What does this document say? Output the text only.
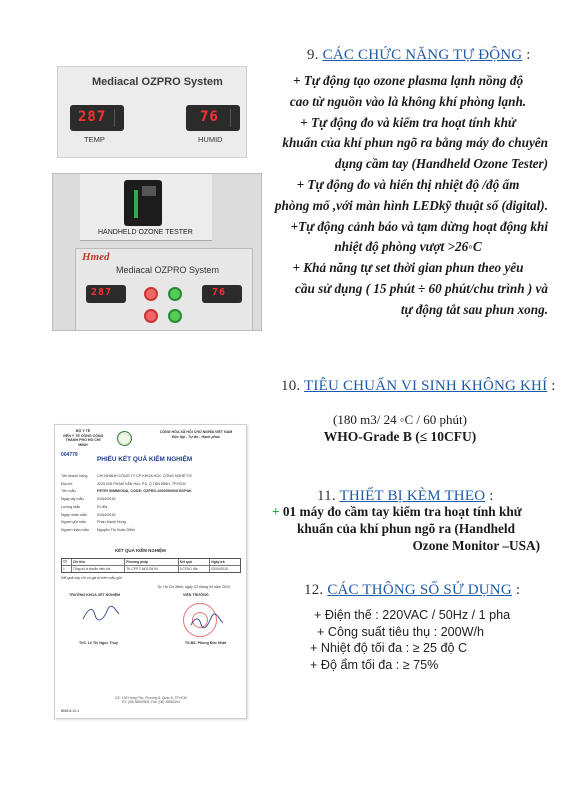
9. CÁC CHỨC NĂNG TỰ ĐỘNG :

+ Tự động tạo ozone plasma lạnh nồng độ

cao từ nguồn vào là không khí phòng lạnh.

+ Tự động đo và kiểm tra hoạt tính khử

khuẩn của khí phun ngõ ra bằng máy đo chuyên

dụng cầm tay (Handheld Ozone Tester)

+ Tự động đo và hiển thị nhiệt độ /độ ẩm

phòng mổ ,với màn hình LEDkỹ thuật số (digital).

+Tự động cảnh báo và tạm dừng hoạt động khi

nhiệt độ phòng vượt >26◦C

+ Khả năng tự set thời gian phun theo yêu

cầu sử dụng ( 15 phút ÷ 60 phút/chu trình ) và

tự động tắt sau phun xong.

Mediacal OZPRO System
287
TEMP
76
HUMID
HANDHELD OZONE TESTER
Hmed
Mediacal OZPRO System
287	76
10. TIÊU CHUẨN VI SINH KHÔNG KHÍ :
(180 m3/ 24 ◦C / 60 phút)
WHO-Grade B (≤ 10CFU)
BỘ Y TẾ
VIỆN Y TẾ CÔNG CỘNG
THÀNH PHỐ HỒ CHÍ MINH
CỘNG HÒA XÃ HỘI CHỦ NGHĨA VIỆT NAM
Độc lập - Tự do - Hạnh phúc
004779
PHIẾU KẾT QUẢ KIỂM NGHIỆM
Tên khách hàng	CHI NHÁNH CÔNG TY CP KHOA HỌC CÔNG NGHỆ P.E
Địa chỉ	3225 BIS PHẠM VĂN HAI, P.5, Q.TÂN BÌNH, TP.HCM
Tên mẫu	PETRI 90MM/ONA, CODE: OZPRO-3000/5000/8 BVPAK
Ngày lấy mẫu	01/04/2015
Lượng mẫu	01 đĩa
Ngày nhận mẫu	01/04/2015
Người gửi mẫu	Phan Mạnh Hùng
Người nhận mẫu	Nguyễn Thị Xuân Diễm
KẾT QUẢ KIỂM NGHIỆM
TT	Chỉ tiêu	Phương pháp	Kết quả	Ngày trả
1	Tổng số vi khuẩn hiếu khí	TK CPP 2.MOLD5.94	0 CFU/1 đĩa	03/04/2015
Kết quả này chỉ có giá trị trên mẫu gửi
Tp. Hồ Chí Minh, ngày 03 tháng 04 năm 2015
TRƯỞNG KHOA XÉT NGHIỆM	VIỆN TRƯỞNG
ThS. Lê Thị Ngọc Thuý	TS.BS. Phùng Đức Nhật
ĐC: 159 Hưng Phú, Phường 8, Quận 8, TP.HCM
ĐT: (08) 38559503, Fax: (08) 38563164
BM8.8.10.1
11. THIẾT BỊ KÈM THEO :

+ 01 máy đo cầm tay kiểm tra hoạt tính khử

khuẩn của khí phun ngõ ra (Handheld

Ozone Monitor –USA)

12. CÁC THÔNG SỐ SỬ DỤNG :
+ Điện thế : 220VAC / 50Hz / 1 pha
+ Công suất tiêu thụ : 200W/h
+ Nhiệt độ tối đa : ≥ 25 độ C
+ Độ ẩm tối đa : ≥ 75%
